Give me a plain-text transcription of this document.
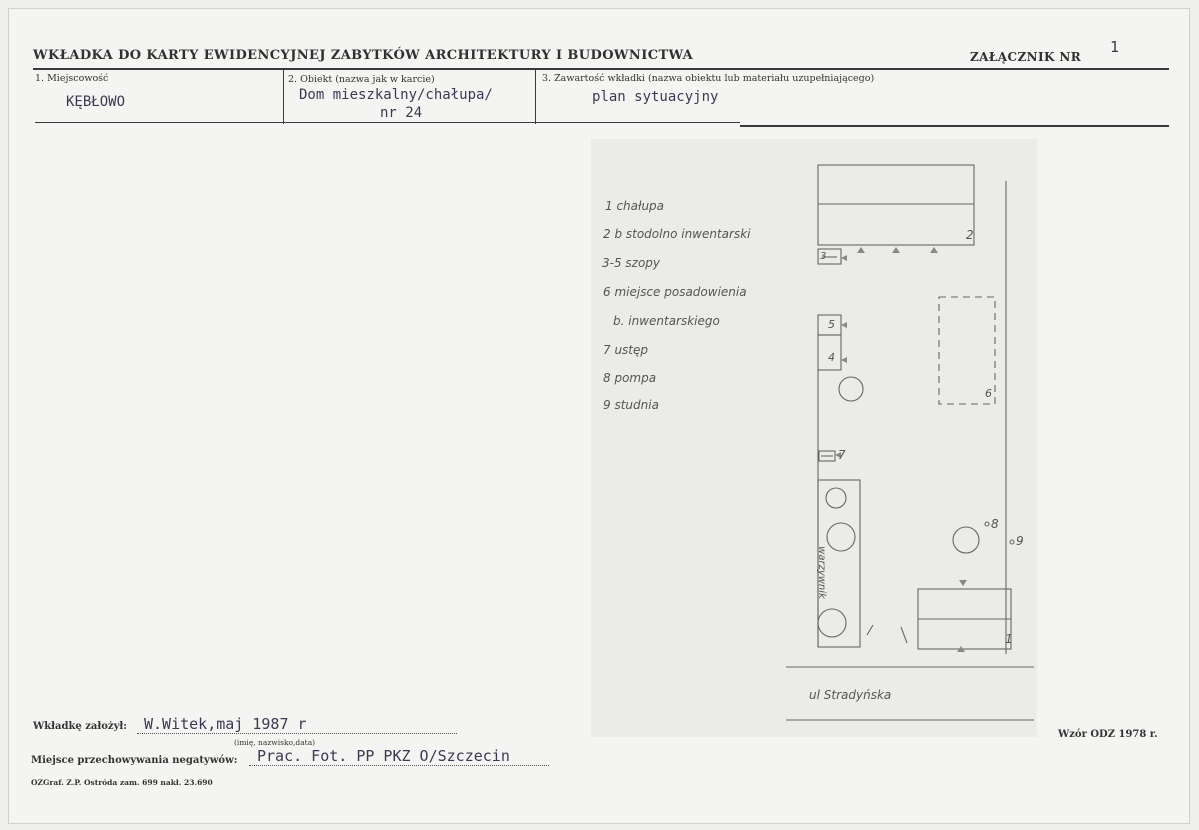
WKŁADKA DO KARTY EWIDENCYJNEJ ZABYTKÓW ARCHITEKTURY I BUDOWNICTWA	ZAŁĄCZNIK NR
1
1. Miejscowość
KĘBŁOWO
2. Obiekt (nazwa jak w karcie)
Dom mieszkalny/chałupa/
nr 24
3. Zawartość wkładki (nazwa obiektu lub materiału uzupełniającego)
plan sytuacyjny
1 chałupa
2 b stodolno inwentarski
3-5 szopy
6 miejsce posadowienia
b. inwentarskiego
7 ustęp
8 pompa
9 studnia
2
3
5
4
6
7
8
9
1
warzywnik
ul Stradyńska
Wkładkę założył: W.Witek,maj 1987 r
(imię, nazwisko,data)
Miejsce przechowywania negatywów: Prac. Fot. PP PKZ O/Szczecin
OZGraf. Z.P. Ostróda zam. 699 nakł. 23.690
Wzór ODZ 1978 r.
